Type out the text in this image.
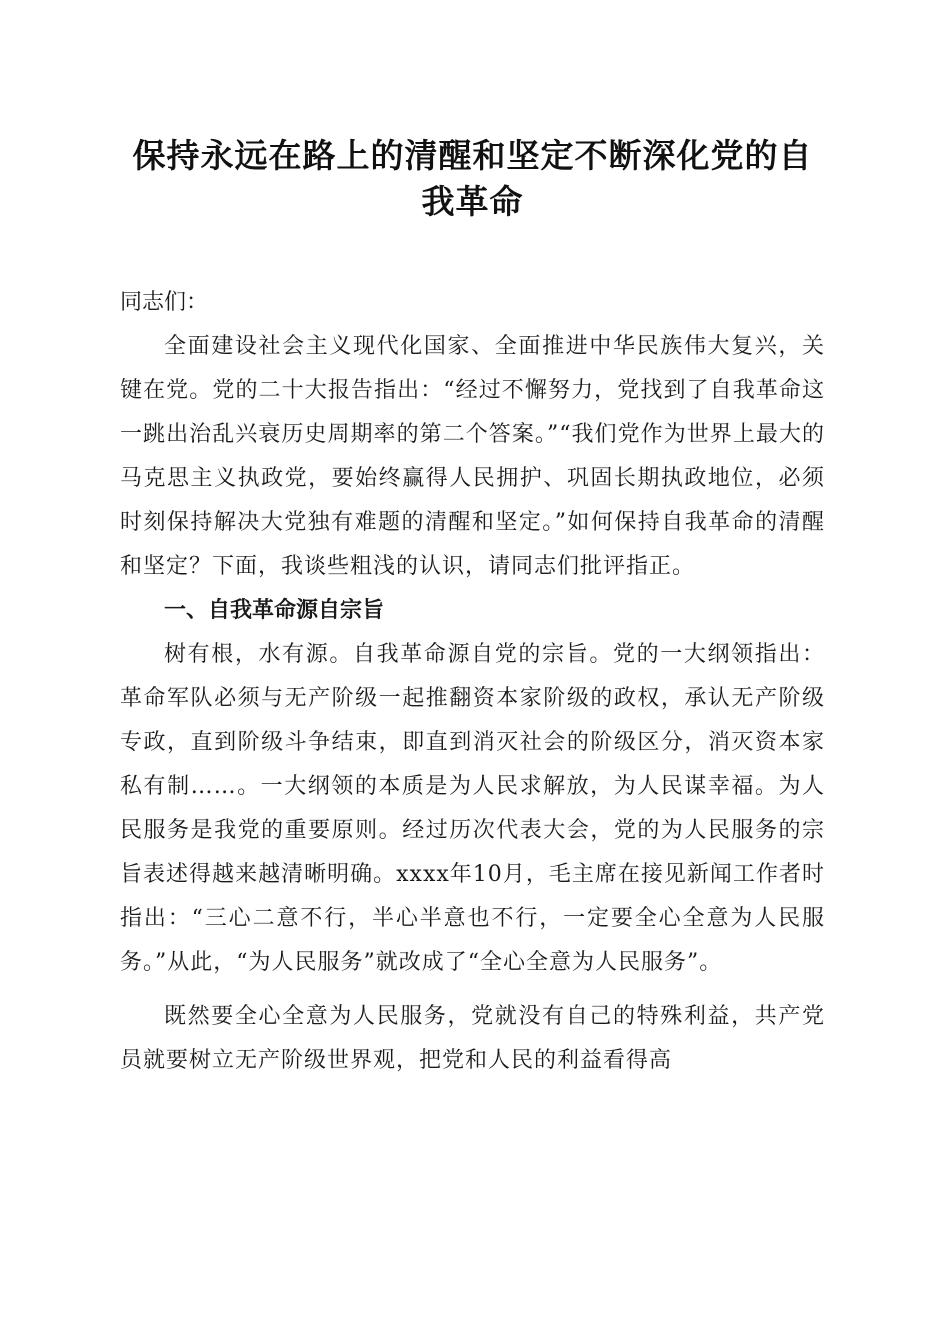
保持永远在路上的清醒和坚定不断深化党的自我革命

同志们：

全面建设社会主义现代化国家、全面推进中华民族伟大复兴，关键在党。党的二十大报告指出：“经过不懈努力，党找到了自我革命这一跳出治乱兴衰历史周期率的第二个答案。”“我们党作为世界上最大的马克思主义执政党，要始终赢得人民拥护、巩固长期执政地位，必须时刻保持解决大党独有难题的清醒和坚定。”如何保持自我革命的清醒和坚定？下面，我谈些粗浅的认识，请同志们批评指正。

一、自我革命源自宗旨

树有根，水有源。自我革命源自党的宗旨。党的一大纲领指出：革命军队必须与无产阶级一起推翻资本家阶级的政权，承认无产阶级专政，直到阶级斗争结束，即直到消灭社会的阶级区分，消灭资本家私有制……。一大纲领的本质是为人民求解放，为人民谋幸福。为人民服务是我党的重要原则。经过历次代表大会，党的为人民服务的宗旨表述得越来越清晰明确。xxxx年10月，毛主席在接见新闻工作者时指出：“三心二意不行，半心半意也不行，一定要全心全意为人民服务。”从此，“为人民服务”就改成了“全心全意为人民服务”。

既然要全心全意为人民服务，党就没有自己的特殊利益，共产党员就要树立无产阶级世界观，把党和人民的利益看得高
